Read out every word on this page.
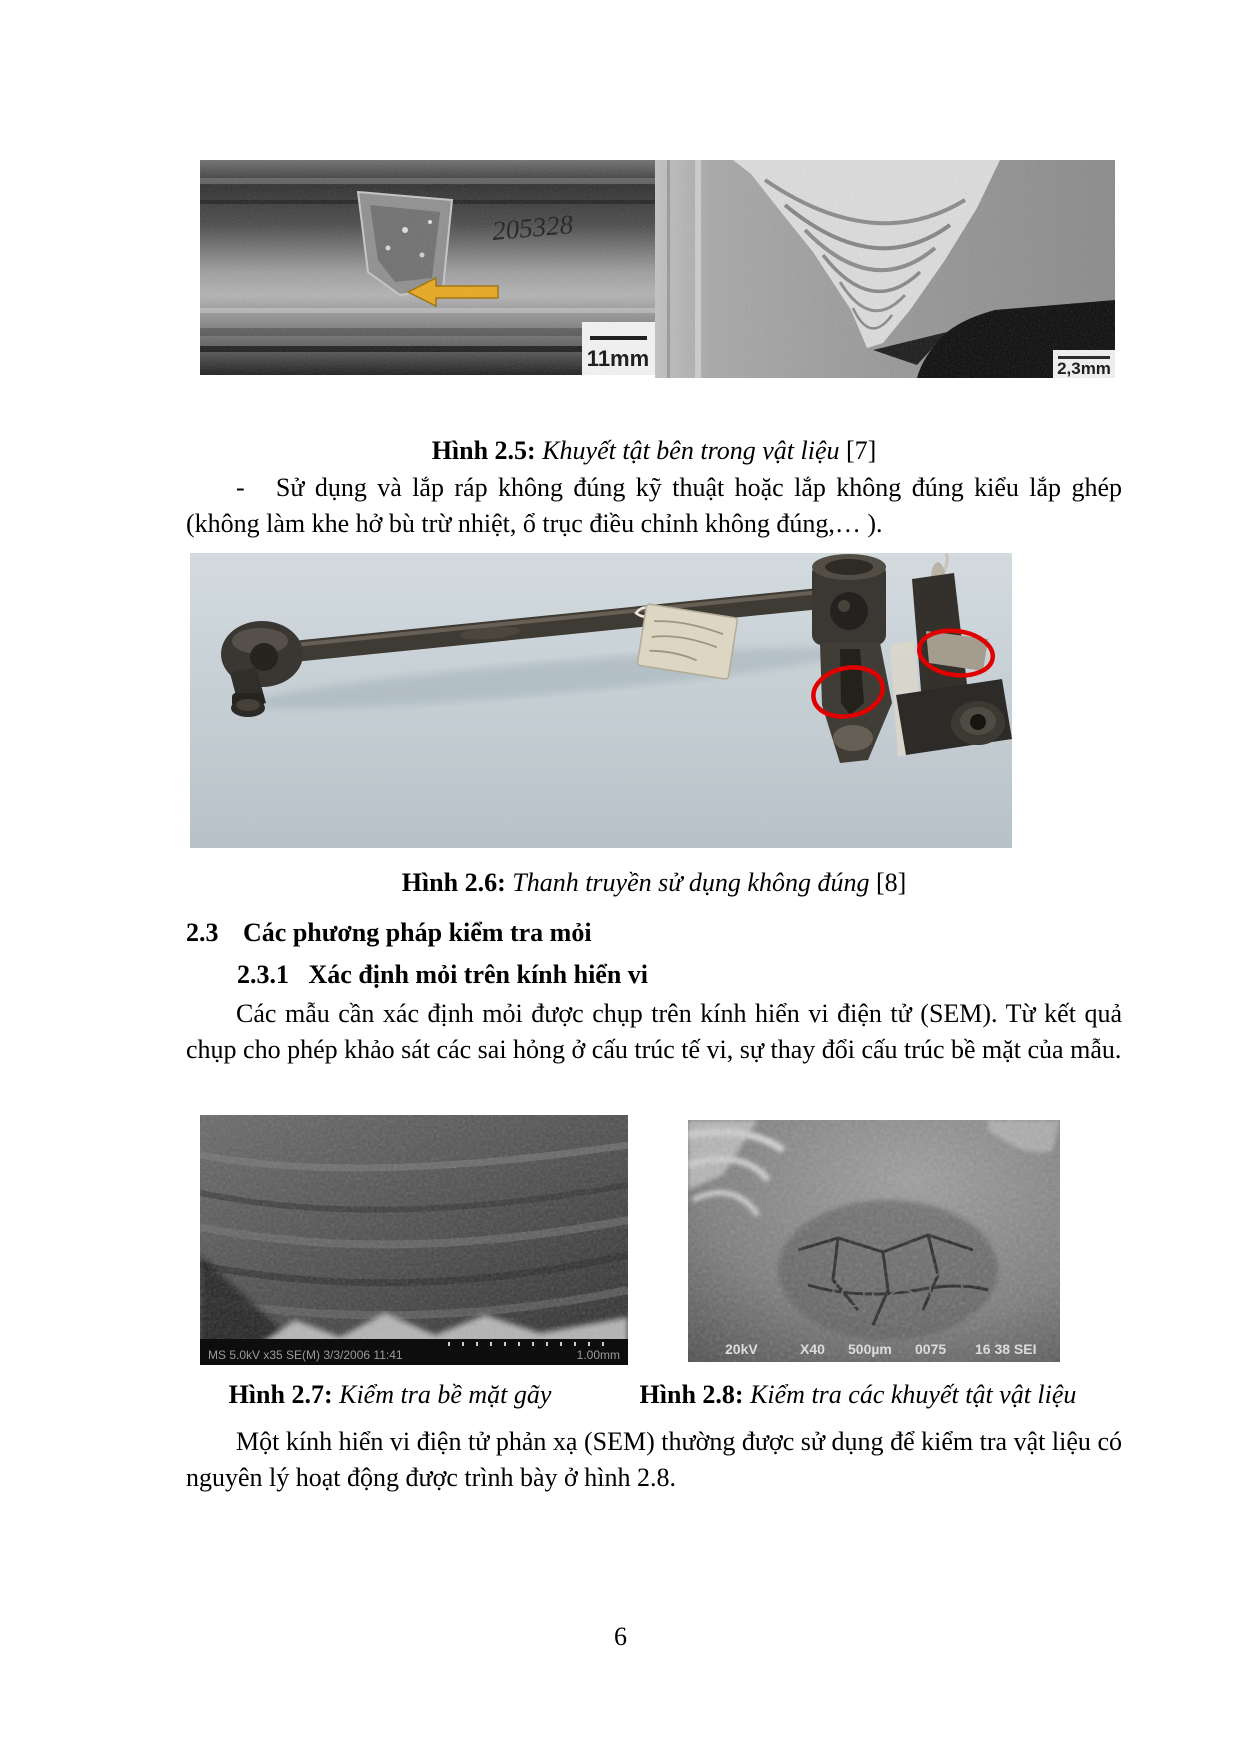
205328
11mm	2,3mm
Hình 2.5: Khuyết tật bên trong vật liệu [7]
-   Sử dụng và lắp ráp không đúng kỹ thuật hoặc lắp không đúng kiểu lắp ghép (không làm khe hở bù trừ nhiệt, ổ trục điều chỉnh không đúng,… ).
Hình 2.6: Thanh truyền sử dụng không đúng [8]
2.3 Các phương pháp kiểm tra mỏi
2.3.1 Xác định mỏi trên kính hiển vi
Các mẫu cần xác định mỏi được chụp trên kính hiển vi điện tử (SEM). Từ kết quả chụp cho phép khảo sát các sai hỏng ở cấu trúc tế vi, sự thay đổi cấu trúc bề mặt của mẫu.
MS 5.0kV x35 SE(M) 3/3/2006 11:41	1.00mm	20kV	X40 500µm 0075 16 38 SEI
Hình 2.7: Kiểm tra bề mặt gãy	Hình 2.8: Kiểm tra các khuyết tật vật liệu
Một kính hiển vi điện tử phản xạ (SEM) thường được sử dụng để kiểm tra vật liệu có nguyên lý hoạt động được trình bày ở hình 2.8.
6
